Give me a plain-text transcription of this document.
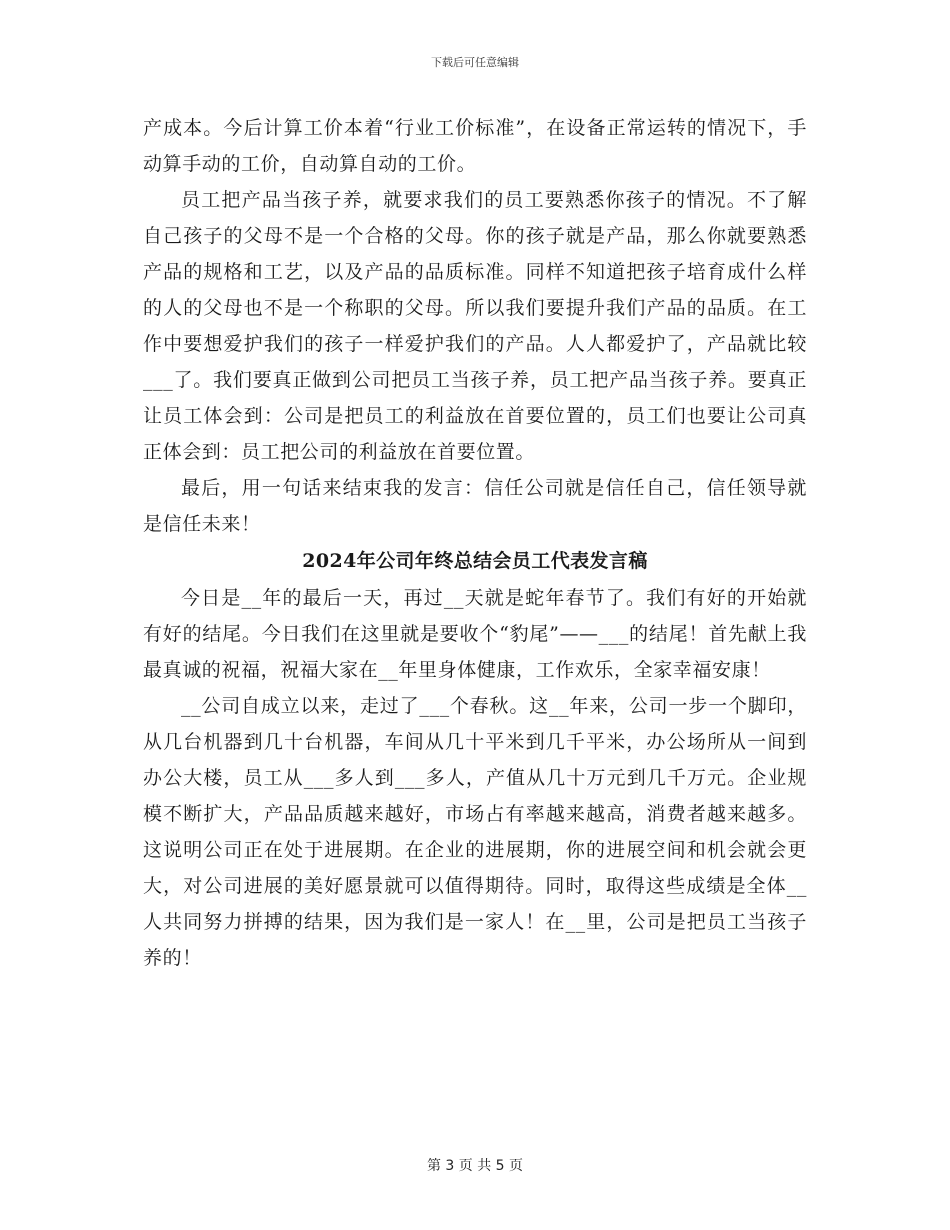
下载后可任意编辑

产成本。今后计算工价本着“行业工价标准”，在设备正常运转的情况下，手动算手动的工价，自动算自动的工价。

员工把产品当孩子养，就要求我们的员工要熟悉你孩子的情况。不了解自己孩子的父母不是一个合格的父母。你的孩子就是产品，那么你就要熟悉产品的规格和工艺，以及产品的品质标准。同样不知道把孩子培育成什么样的人的父母也不是一个称职的父母。所以我们要提升我们产品的品质。在工作中要想爱护我们的孩子一样爱护我们的产品。人人都爱护了，产品就比较___了。我们要真正做到公司把员工当孩子养，员工把产品当孩子养。要真正让员工体会到：公司是把员工的利益放在首要位置的，员工们也要让公司真正体会到：员工把公司的利益放在首要位置。

最后，用一句话来结束我的发言：信任公司就是信任自己，信任领导就是信任未来！

2024年公司年终总结会员工代表发言稿

今日是__年的最后一天，再过__天就是蛇年春节了。我们有好的开始就有好的结尾。今日我们在这里就是要收个“豹尾”——___的结尾！首先献上我最真诚的祝福，祝福大家在__年里身体健康，工作欢乐，全家幸福安康！

__公司自成立以来，走过了___个春秋。这__年来，公司一步一个脚印，从几台机器到几十台机器，车间从几十平米到几千平米，办公场所从一间到办公大楼，员工从___多人到___多人，产值从几十万元到几千万元。企业规模不断扩大，产品品质越来越好，市场占有率越来越高，消费者越来越多。这说明公司正在处于进展期。在企业的进展期，你的进展空间和机会就会更大，对公司进展的美好愿景就可以值得期待。同时，取得这些成绩是全体__人共同努力拼搏的结果，因为我们是一家人！在__里，公司是把员工当孩子养的！

第 3 页 共 5 页
